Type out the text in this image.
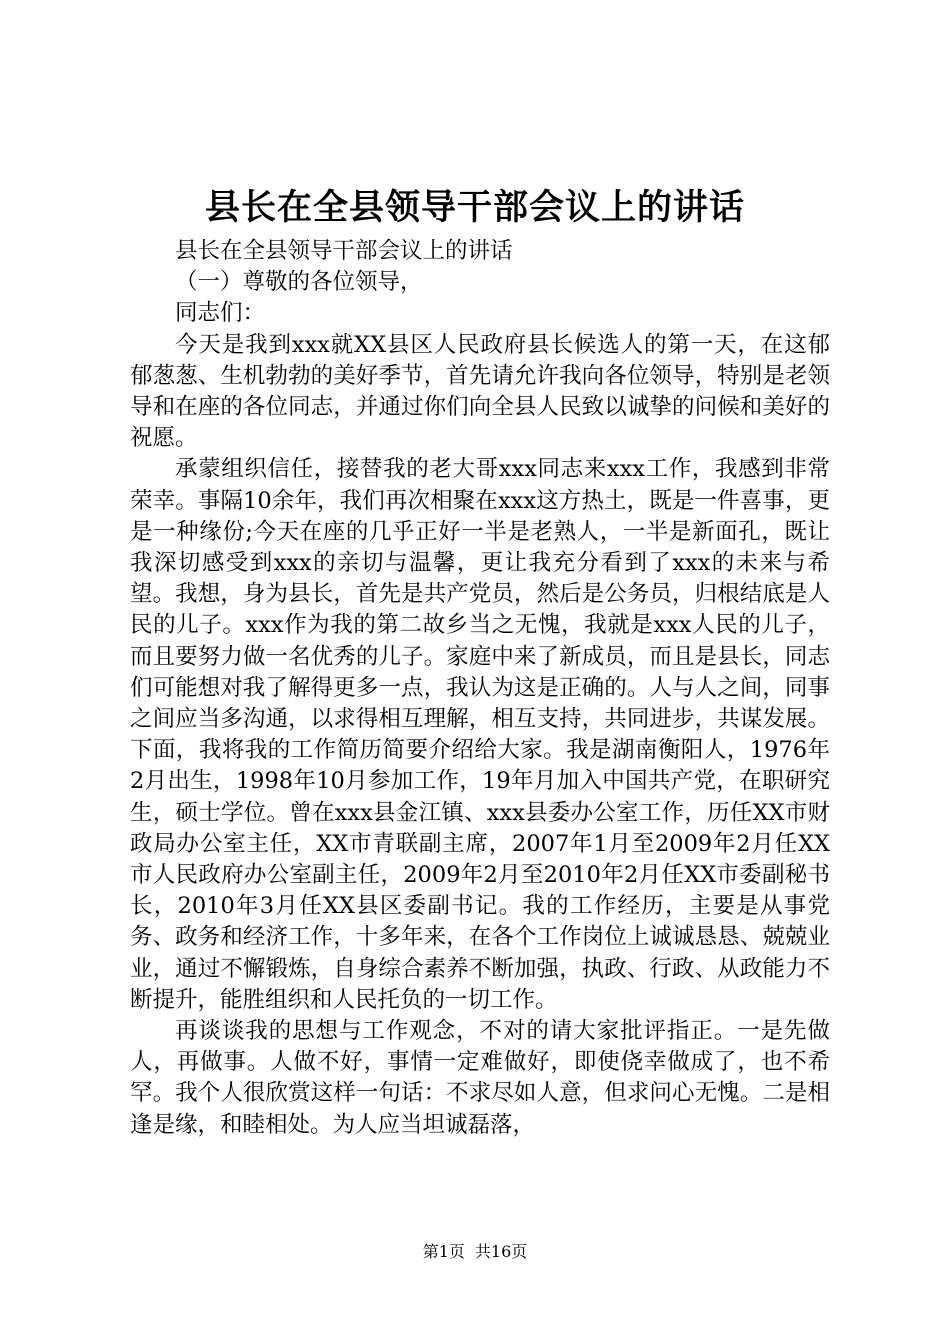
县长在全县领导干部会议上的讲话

县长在全县领导干部会议上的讲话

（一）尊敬的各位领导，

同志们：

今天是我到xxx就XX县区人民政府县长候选人的第一天，在这郁郁葱葱、生机勃勃的美好季节，首先请允许我向各位领导，特别是老领导和在座的各位同志，并通过你们向全县人民致以诚挚的问候和美好的祝愿。

承蒙组织信任，接替我的老大哥xxx同志来xxx工作，我感到非常荣幸。事隔10余年，我们再次相聚在xxx这方热土，既是一件喜事，更是一种缘份;今天在座的几乎正好一半是老熟人，一半是新面孔，既让我深切感受到xxx的亲切与温馨，更让我充分看到了xxx的未来与希望。我想，身为县长，首先是共产党员，然后是公务员，归根结底是人民的儿子。xxx作为我的第二故乡当之无愧，我就是xxx人民的儿子，而且要努力做一名优秀的儿子。家庭中来了新成员，而且是县长，同志们可能想对我了解得更多一点，我认为这是正确的。人与人之间，同事之间应当多沟通，以求得相互理解，相互支持，共同进步，共谋发展。下面，我将我的工作简历简要介绍给大家。我是湖南衡阳人，1976年2月出生，1998年10月参加工作，19年月加入中国共产党，在职研究生，硕士学位。曾在xxx县金江镇、xxx县委办公室工作，历任XX市财政局办公室主任，XX市青联副主席，2007年1月至2009年2月任XX市人民政府办公室副主任，2009年2月至2010年2月任XX市委副秘书长，2010年3月任XX县区委副书记。我的工作经历，主要是从事党务、政务和经济工作，十多年来，在各个工作岗位上诚诚恳恳、兢兢业业，通过不懈锻炼，自身综合素养不断加强，执政、行政、从政能力不断提升，能胜组织和人民托负的一切工作。

再谈谈我的思想与工作观念，不对的请大家批评指正。一是先做人，再做事。人做不好，事情一定难做好，即使侥幸做成了，也不希罕。我个人很欣赏这样一句话：不求尽如人意，但求问心无愧。二是相逢是缘，和睦相处。为人应当坦诚磊落，

第1页 共16页
